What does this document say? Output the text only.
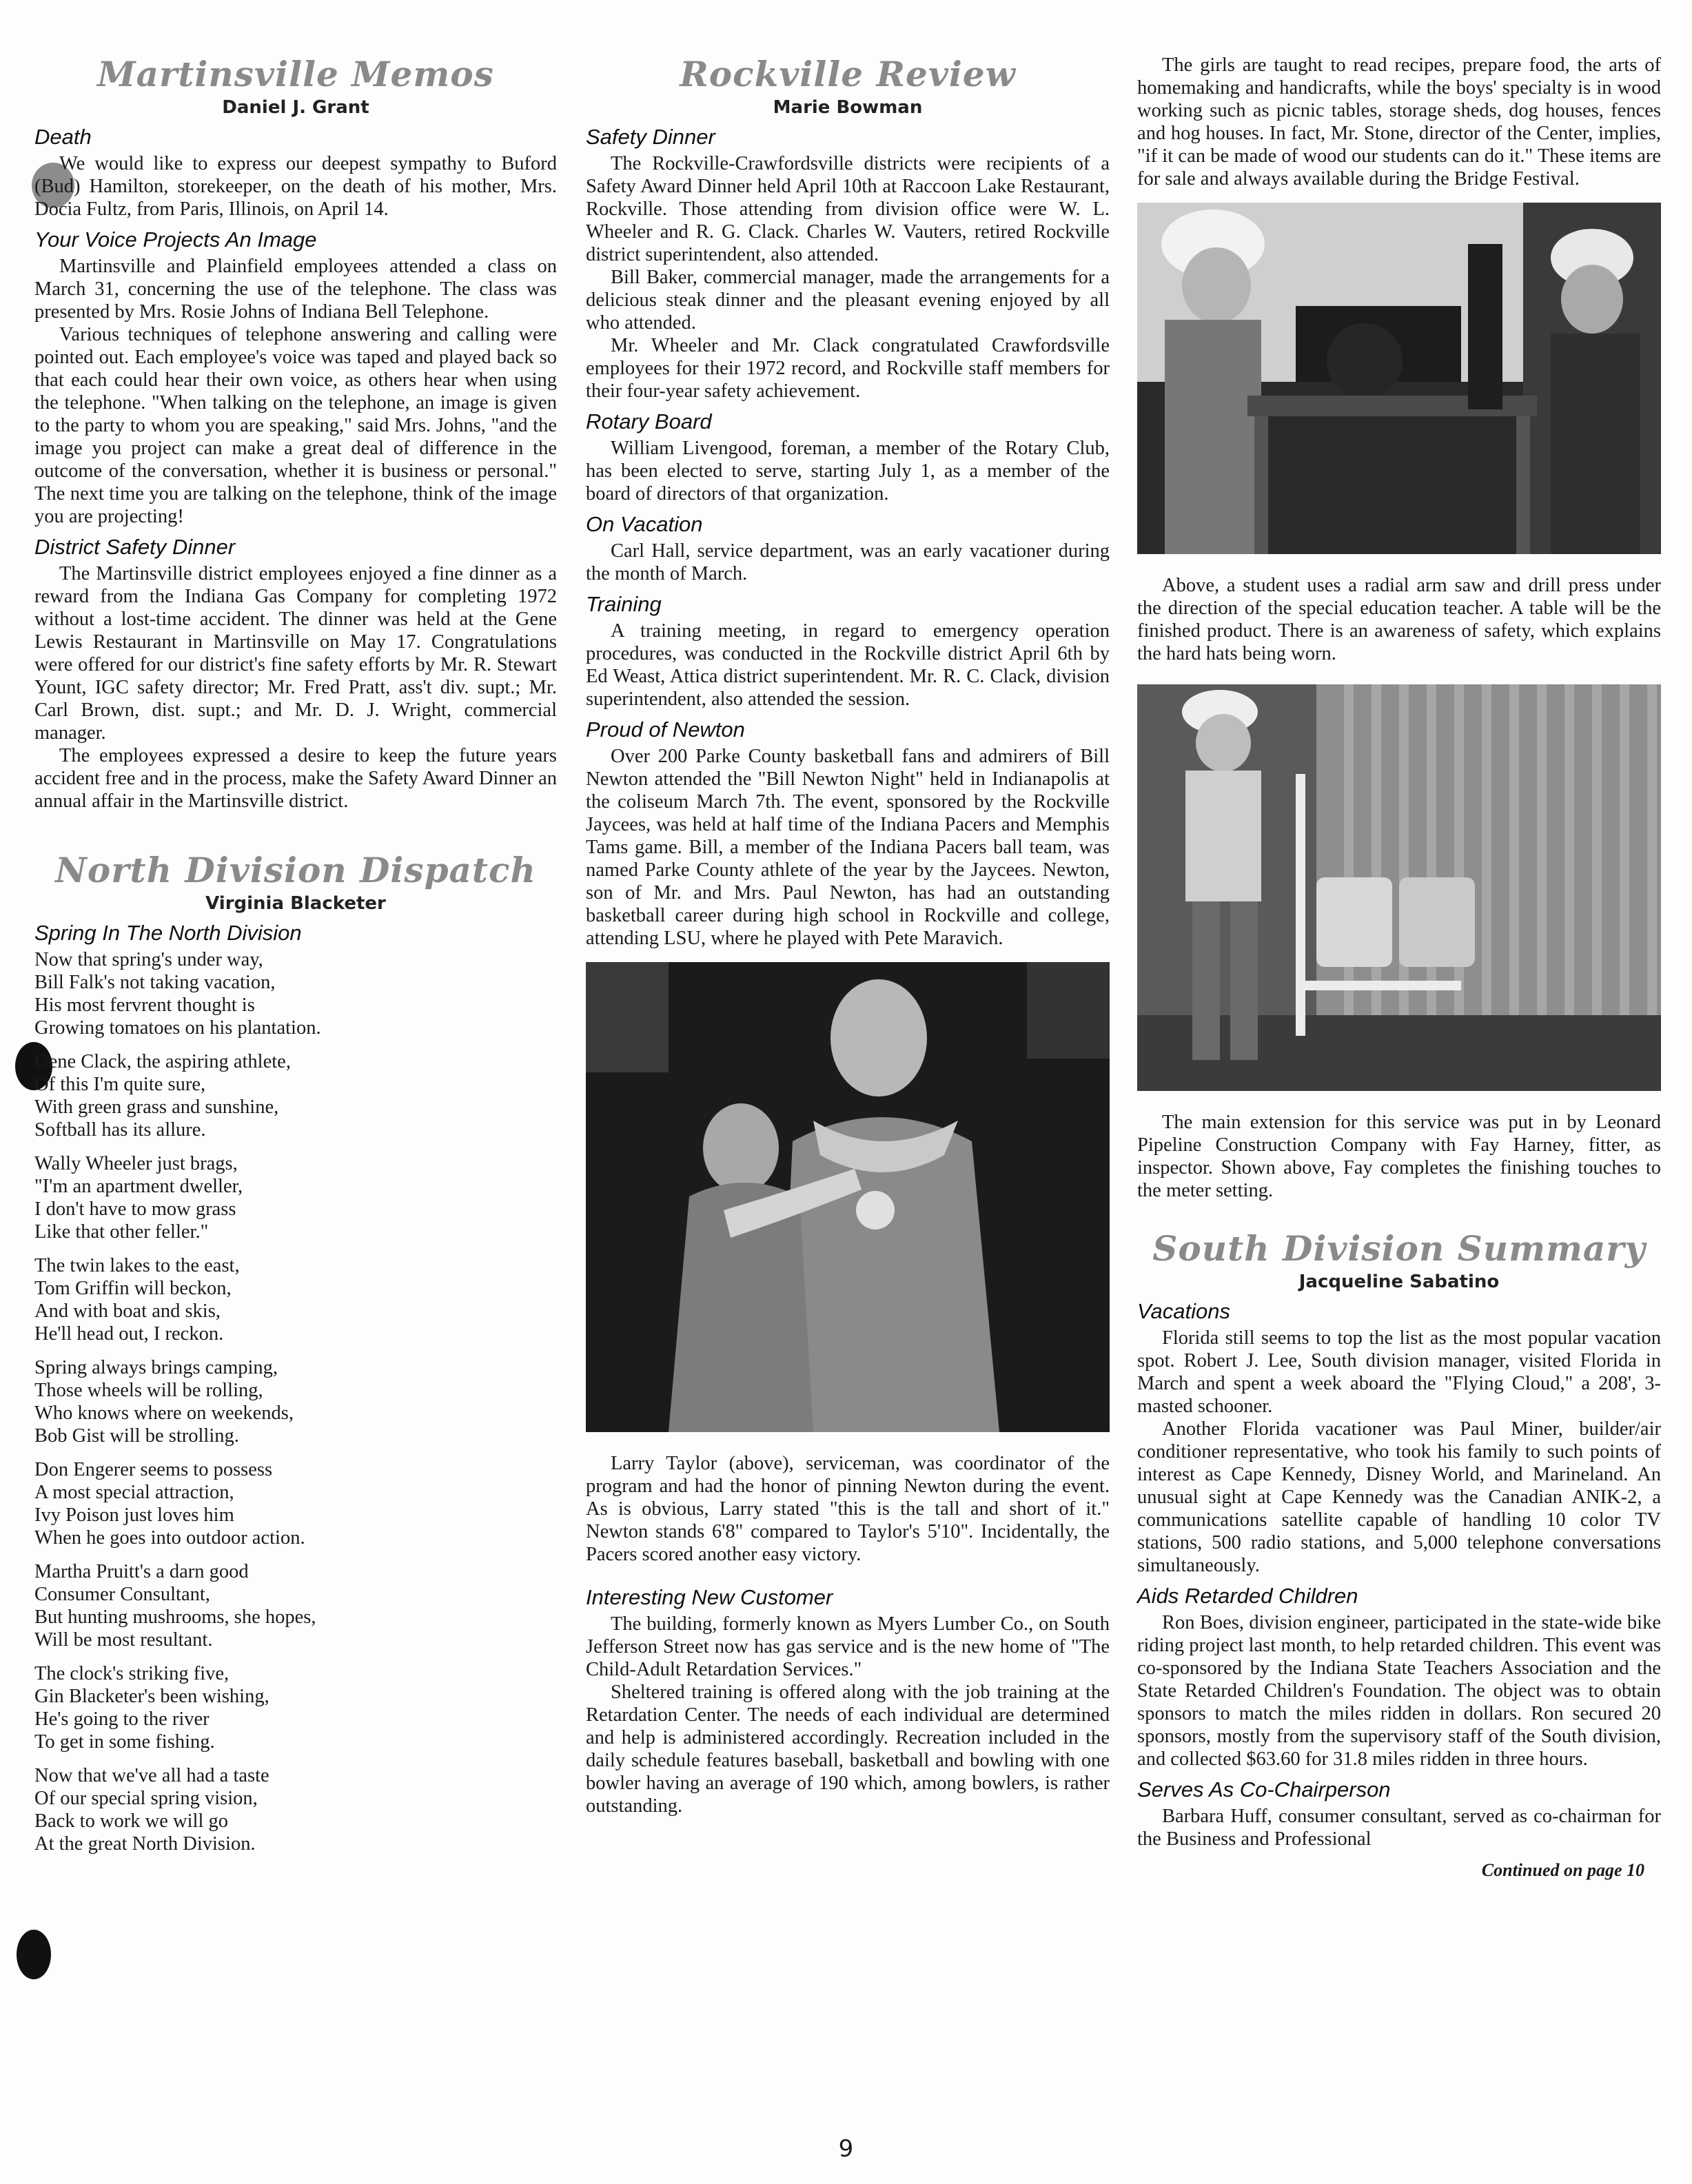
Martinsville Memos
Daniel J. Grant
Death

We would like to express our deepest sympathy to Buford (Bud) Hamilton, storekeeper, on the death of his mother, Mrs. Docia Fultz, from Paris, Illinois, on April 14.

Your Voice Projects An Image

Martinsville and Plainfield employees attended a class on March 31, concerning the use of the telephone. The class was presented by Mrs. Rosie Johns of Indiana Bell Telephone.

Various techniques of telephone answering and calling were pointed out. Each employee's voice was taped and played back so that each could hear their own voice, as others hear when using the telephone. "When talking on the telephone, an image is given to the party to whom you are speaking," said Mrs. Johns, "and the image you project can make a great deal of difference in the outcome of the conversation, whether it is business or personal." The next time you are talking on the telephone, think of the image you are projecting!

District Safety Dinner

The Martinsville district employees enjoyed a fine dinner as a reward from the Indiana Gas Company for completing 1972 without a lost-time accident. The dinner was held at the Gene Lewis Restaurant in Martinsville on May 17. Congratulations were offered for our district's fine safety efforts by Mr. R. Stewart Yount, IGC safety director; Mr. Fred Pratt, ass't div. supt.; Mr. Carl Brown, dist. supt.; and Mr. D. J. Wright, commercial manager.

The employees expressed a desire to keep the future years accident free and in the process, make the Safety Award Dinner an annual affair in the Martinsville district.

North Division Dispatch
Virginia Blacketer
Spring In The North Division
Now that spring's under way,
Bill Falk's not taking vacation,
His most fervrent thought is
Growing tomatoes on his plantation.
Gene Clack, the aspiring athlete,
Of this I'm quite sure,
With green grass and sunshine,
Softball has its allure.
Wally Wheeler just brags,
"I'm an apartment dweller,
I don't have to mow grass
Like that other feller."
The twin lakes to the east,
Tom Griffin will beckon,
And with boat and skis,
He'll head out, I reckon.
Spring always brings camping,
Those wheels will be rolling,
Who knows where on weekends,
Bob Gist will be strolling.
Don Engerer seems to possess
A most special attraction,
Ivy Poison just loves him
When he goes into outdoor action.
Martha Pruitt's a darn good
Consumer Consultant,
But hunting mushrooms, she hopes,
Will be most resultant.
The clock's striking five,
Gin Blacketer's been wishing,
He's going to the river
To get in some fishing.
Now that we've all had a taste
Of our special spring vision,
Back to work we will go
At the great North Division.
Rockville Review
Marie Bowman
Safety Dinner

The Rockville-Crawfordsville districts were recipients of a Safety Award Dinner held April 10th at Raccoon Lake Restaurant, Rockville. Those attending from division office were W. L. Wheeler and R. G. Clack. Charles W. Vauters, retired Rockville district superintendent, also attended.

Bill Baker, commercial manager, made the arrangements for a delicious steak dinner and the pleasant evening enjoyed by all who attended.

Mr. Wheeler and Mr. Clack congratulated Crawfordsville employees for their 1972 record, and Rockville staff members for their four-year safety achievement.

Rotary Board

William Livengood, foreman, a member of the Rotary Club, has been elected to serve, starting July 1, as a member of the board of directors of that organization.

On Vacation

Carl Hall, service department, was an early vacationer during the month of March.

Training

A training meeting, in regard to emergency operation procedures, was conducted in the Rockville district April 6th by Ed Weast, Attica district superintendent. Mr. R. C. Clack, division superintendent, also attended the session.

Proud of Newton

Over 200 Parke County basketball fans and admirers of Bill Newton attended the "Bill Newton Night" held in Indianapolis at the coliseum March 7th. The event, sponsored by the Rockville Jaycees, was held at half time of the Indiana Pacers and Memphis Tams game. Bill, a member of the Indiana Pacers ball team, was named Parke County athlete of the year by the Jaycees. Newton, son of Mr. and Mrs. Paul Newton, has had an outstanding basketball career during high school in Rockville and college, attending LSU, where he played with Pete Maravich.

Larry Taylor (above), serviceman, was coordinator of the program and had the honor of pinning Newton during the event. As is obvious, Larry stated "this is the tall and short of it." Newton stands 6'8" compared to Taylor's 5'10". Incidentally, the Pacers scored another easy victory.

Interesting New Customer

The building, formerly known as Myers Lumber Co., on South Jefferson Street now has gas service and is the new home of "The Child-Adult Retardation Services."

Sheltered training is offered along with the job training at the Retardation Center. The needs of each individual are determined and help is administered accordingly. Recreation included in the daily schedule features baseball, basketball and bowling with one bowler having an average of 190 which, among bowlers, is rather outstanding.

The girls are taught to read recipes, prepare food, the arts of homemaking and handicrafts, while the boys' specialty is in wood working such as picnic tables, storage sheds, dog houses, fences and hog houses. In fact, Mr. Stone, director of the Center, implies, "if it can be made of wood our students can do it." These items are for sale and always available during the Bridge Festival.

Above, a student uses a radial arm saw and drill press under the direction of the special education teacher. A table will be the finished product. There is an awareness of safety, which explains the hard hats being worn.

The main extension for this service was put in by Leonard Pipeline Construction Company with Fay Harney, fitter, as inspector. Shown above, Fay completes the finishing touches to the meter setting.

South Division Summary
Jacqueline Sabatino
Vacations

Florida still seems to top the list as the most popular vacation spot. Robert J. Lee, South division manager, visited Florida in March and spent a week aboard the "Flying Cloud," a 208', 3-masted schooner.

Another Florida vacationer was Paul Miner, builder/air conditioner representative, who took his family to such points of interest as Cape Kennedy, Disney World, and Marineland. An unusual sight at Cape Kennedy was the Canadian ANIK-2, a communications satellite capable of handling 10 color TV stations, 500 radio stations, and 5,000 telephone conversations simultaneously.

Aids Retarded Children

Ron Boes, division engineer, participated in the state-wide bike riding project last month, to help retarded children. This event was co-sponsored by the Indiana State Teachers Association and the State Retarded Children's Foundation. The object was to obtain sponsors to match the miles ridden in dollars. Ron secured 20 sponsors, mostly from the supervisory staff of the South division, and collected $63.60 for 31.8 miles ridden in three hours.

Serves As Co-Chairperson

Barbara Huff, consumer consultant, served as co-chairman for the Business and Professional

Continued on page 10
9
